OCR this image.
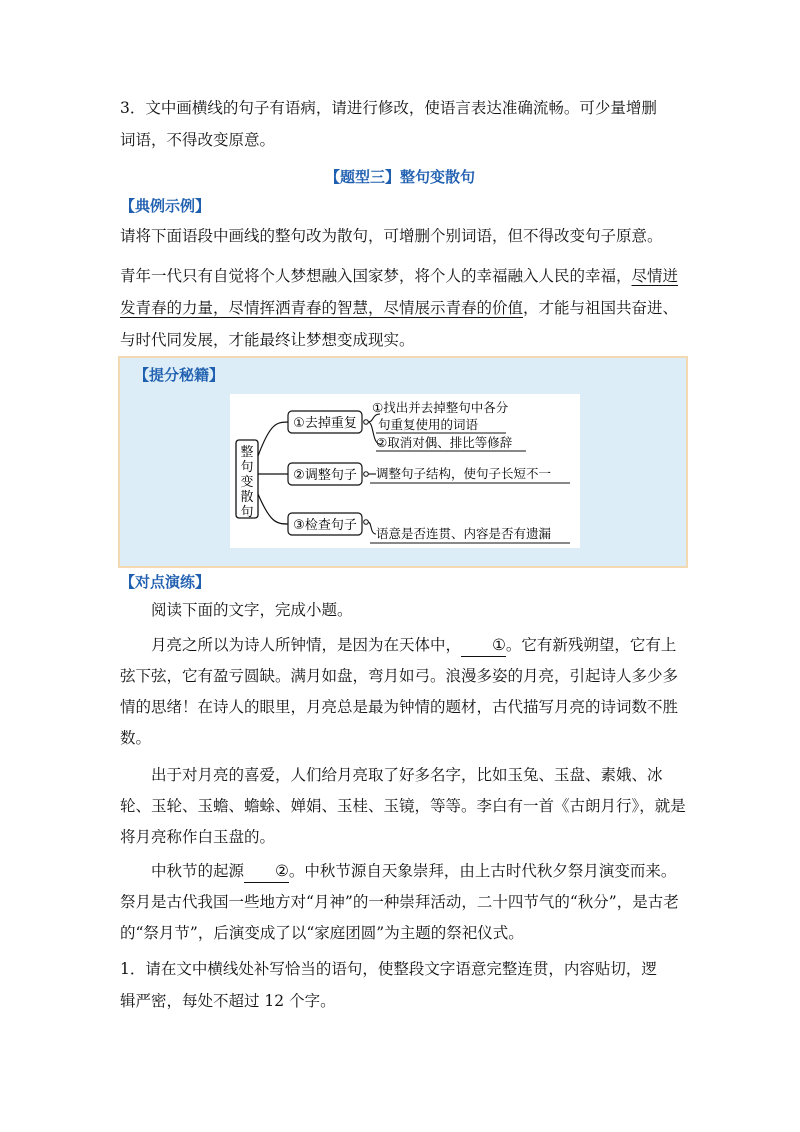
3．文中画横线的句子有语病，请进行修改，使语言表达准确流畅。可少量增删
词语，不得改变原意。

【题型三】整句变散句
【典例示例】

请将下面语段中画线的整句改为散句，可增删个别词语，但不得改变句子原意。

青年一代只有自觉将个人梦想融入国家梦，将个人的幸福融入人民的幸福，尽情迸发青春的力量，尽情挥洒青春的智慧，尽情展示青春的价值，才能与祖国共奋进、与时代同发展，才能最终让梦想变成现实。

【提分秘籍】
整
句
变
散
句
①去掉重复
①找出并去掉整句中各分
句重复使用的词语
②取消对偶、排比等修辞
②调整句子 调整句子结构，使句子长短不一
③检查句子
语意是否连贯、内容是否有遗漏
【对点演练】

阅读下面的文字，完成小题。

月亮之所以为诗人所钟情，是因为在天体中， ①。它有新残朔望，它有上弦下弦，它有盈亏圆缺。满月如盘，弯月如弓。浪漫多姿的月亮，引起诗人多少多情的思绪！在诗人的眼里，月亮总是最为钟情的题材，古代描写月亮的诗词数不胜数。

出于对月亮的喜爱，人们给月亮取了好多名字，比如玉兔、玉盘、素娥、冰轮、玉轮、玉蟾、蟾蜍、婵娟、玉桂、玉镜，等等。李白有一首《古朗月行》，就是将月亮称作白玉盘的。

中秋节的起源 ②。中秋节源自天象崇拜，由上古时代秋夕祭月演变而来。祭月是古代我国一些地方对“月神”的一种崇拜活动，二十四节气的“秋分”，是古老的“祭月节”，后演变成了以“家庭团圆”为主题的祭祀仪式。

1．请在文中横线处补写恰当的语句，使整段文字语意完整连贯，内容贴切，逻
辑严密，每处不超过 12 个字。
